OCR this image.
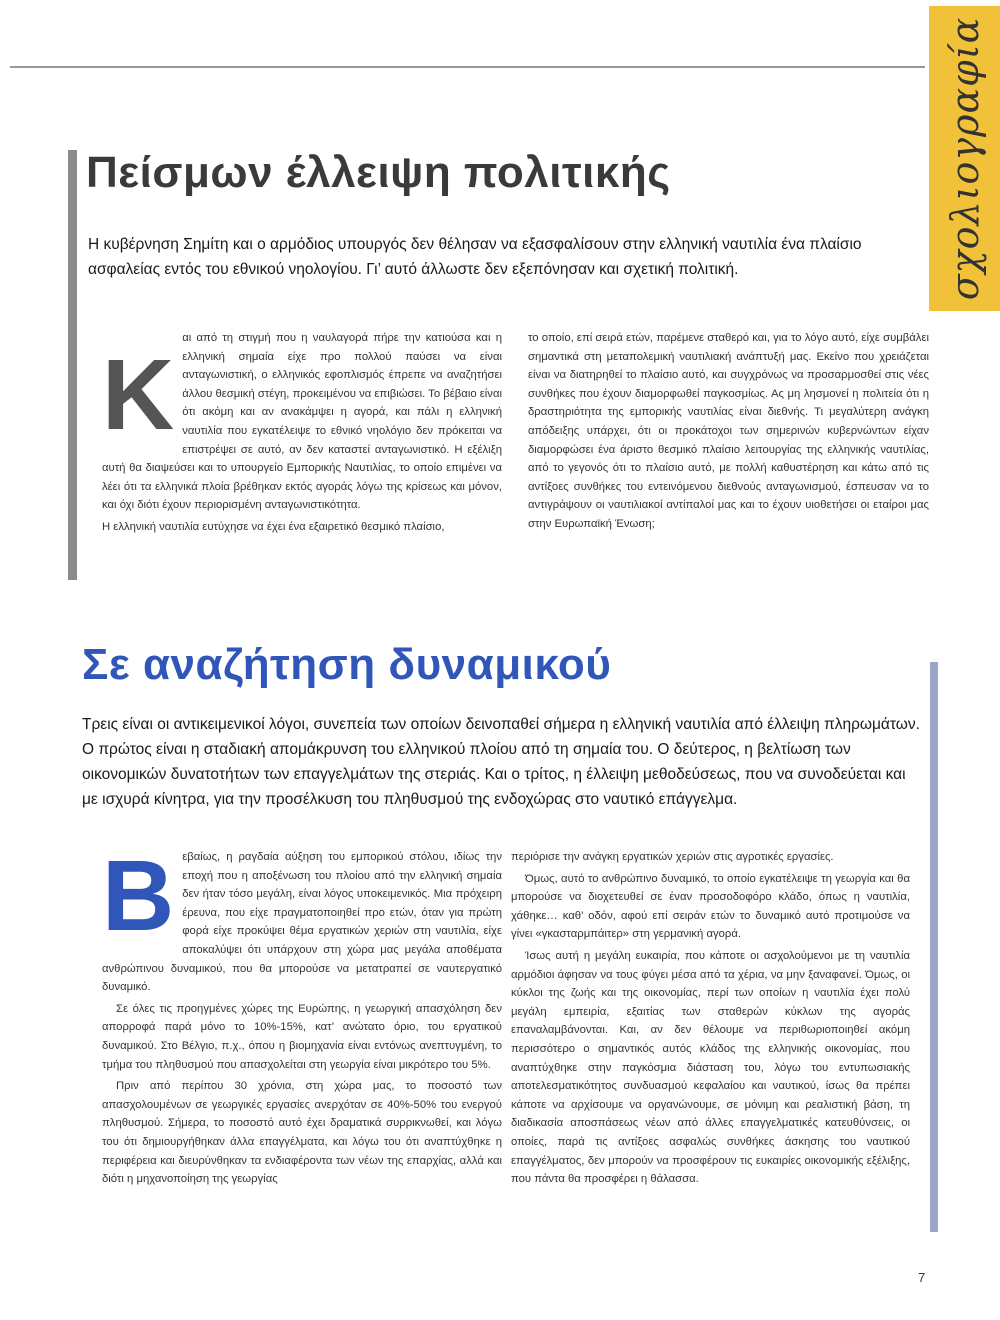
σχολιογραφία
Πείσμων έλλειψη πολιτικής
Η κυβέρνηση Σημίτη και ο αρμόδιος υπουργός δεν θέλησαν να εξασφαλίσουν στην ελληνική ναυτιλία ένα πλαίσιο ασφαλείας εντός του εθνικού νηολογίου. Γι’ αυτό άλλωστε δεν εξεπόνησαν και σχετική πολιτική.
Κ

αι από τη στιγμή που η ναυλαγορά πήρε την κατιούσα και η ελληνική σημαία είχε προ πολλού παύσει να είναι ανταγωνιστική, ο ελληνικός εφοπλισμός έπρεπε να αναζητήσει άλλου θεσμική στέγη, προκειμένου να επιβιώσει. Το βέβαιο είναι ότι ακόμη και αν ανακάμψει η αγορά, και πάλι η ελληνική ναυτιλία που εγκατέλειψε το εθνικό νηολόγιο δεν πρόκειται να επιστρέψει σε αυτό, αν δεν καταστεί ανταγωνιστικό. Η εξέλιξη αυτή θα διαψεύσει και το υπουργείο Εμπορικής Ναυτιλίας, το οποίο επιμένει να λέει ότι τα ελληνικά πλοία βρέθηκαν εκτός αγοράς λόγω της κρίσεως και μόνον, και όχι διότι έχουν περιορισμένη ανταγωνιστικότητα.

Η ελληνική ναυτιλία ευτύχησε να έχει ένα εξαιρετικό θεσμικό πλαίσιο,

το οποίο, επί σειρά ετών, παρέμενε σταθερό και, για το λόγο αυτό, είχε συμβάλει σημαντικά στη μεταπολεμική ναυτιλιακή ανάπτυξή μας. Εκείνο που χρειάζεται είναι να διατηρηθεί το πλαίσιο αυτό, και συγχρόνως να προσαρμοσθεί στις νέες συνθήκες που έχουν διαμορφωθεί παγκοσμίως. Ας μη λησμονεί η πολιτεία ότι η δραστηριότητα της εμπορικής ναυτιλίας είναι διεθνής. Τι μεγαλύτερη ανάγκη απόδειξης υπάρχει, ότι οι προκάτοχοι των σημερινών κυβερνώντων είχαν διαμορφώσει ένα άριστο θεσμικό πλαίσιο λειτουργίας της ελληνικής ναυτιλίας, από το γεγονός ότι το πλαίσιο αυτό, με πολλή καθυστέρηση και κάτω από τις αντίξοες συνθήκες του εντεινόμενου διεθνούς ανταγωνισμού, έσπευσαν να το αντιγράψουν οι ναυτιλιακοί αντίπαλοί μας και το έχουν υιοθετήσει οι εταίροι μας στην Ευρωπαϊκή Ένωση;

Σε αναζήτηση δυναμικού
Τρεις είναι οι αντικειμενικοί λόγοι, συνεπεία των οποίων δεινοπαθεί σήμερα η ελληνική ναυτιλία από έλλειψη πληρωμάτων. Ο πρώτος είναι η σταδιακή απομάκρυνση του ελληνικού πλοίου από τη σημαία του. Ο δεύτερος, η βελτίωση των οικονομικών δυνατοτήτων των επαγγελμάτων της στεριάς. Και ο τρίτος, η έλλειψη μεθοδεύσεως, που να συνοδεύεται και με ισχυρά κίνητρα, για την προσέλκυση του πληθυσμού της ενδοχώρας στο ναυτικό επάγγελμα.
Β εβαίως, η ραγδαία αύξηση του εμπορικού στόλου, ιδίως την εποχή που η αποξένωση του πλοίου από την ελληνική σημαία δεν ήταν τόσο μεγάλη, είναι λόγος υποκειμενικός. Μια πρόχειρη έρευνα, που είχε πραγματοποιηθεί προ ετών, όταν για πρώτη φορά είχε προκύψει θέμα εργατικών χεριών στη ναυτιλία, είχε αποκαλύψει ότι υπάρχουν στη χώρα μας μεγάλα αποθέματα ανθρώπινου δυναμικού, που θα μπορούσε να μετατραπεί σε ναυτεργατικό δυναμικό.

Σε όλες τις προηγμένες χώρες της Ευρώπης, η γεωργική απασχόληση δεν απορροφά παρά μόνο το 10%-15%, κατ’ ανώτατο όριο, του εργατικού δυναμικού. Στο Βέλγιο, π.χ., όπου η βιομηχανία είναι εντόνως ανεπτυγμένη, το τμήμα του πληθυσμού που απασχολείται στη γεωργία είναι μικρότερο του 5%.

Πριν από περίπου 30 χρόνια, στη χώρα μας, το ποσοστό των απασχολουμένων σε γεωργικές εργασίες ανερχόταν σε 40%-50% του ενεργού πληθυσμού. Σήμερα, το ποσοστό αυτό έχει δραματικά συρρικνωθεί, και λόγω του ότι δημιουργήθηκαν άλλα επαγγέλματα, και λόγω του ότι αναπτύχθηκε η περιφέρεια και διευρύνθηκαν τα ενδιαφέροντα των νέων της επαρχίας, αλλά και διότι η μηχανοποίηση της γεωργίας

περιόρισε την ανάγκη εργατικών χεριών στις αγροτικές εργασίες.

Όμως, αυτό το ανθρώπινο δυναμικό, το οποίο εγκατέλειψε τη γεωργία και θα μπορούσε να διοχετευθεί σε έναν προσοδοφόρο κλάδο, όπως η ναυτιλία, χάθηκε… καθ’ οδόν, αφού επί σειράν ετών το δυναμικό αυτό προτιμούσε να γίνει «γκασταρμπάιτερ» στη γερμανική αγορά.

Ίσως αυτή η μεγάλη ευκαιρία, που κάποτε οι ασχολούμενοι με τη ναυτιλία αρμόδιοι άφησαν να τους φύγει μέσα από τα χέρια, να μην ξαναφανεί. Όμως, οι κύκλοι της ζωής και της οικονομίας, περί των οποίων η ναυτιλία έχει πολύ μεγάλη εμπειρία, εξαιτίας των σταθερών κύκλων της αγοράς επαναλαμβάνονται. Και, αν δεν θέλουμε να περιθωριοποιηθεί ακόμη περισσότερο ο σημαντικός αυτός κλάδος της ελληνικής οικονομίας, που αναπτύχθηκε στην παγκόσμια διάσταση του, λόγω του εντυπωσιακής αποτελεσματικότητος συνδυασμού κεφαλαίου και ναυτικού, ίσως θα πρέπει κάποτε να αρχίσουμε να οργανώνουμε, σε μόνιμη και ρεαλιστική βάση, τη διαδικασία αποσπάσεως νέων από άλλες επαγγελματικές κατευθύνσεις, οι οποίες, παρά τις αντίξοες ασφαλώς συνθήκες άσκησης του ναυτικού επαγγέλματος, δεν μπορούν να προσφέρουν τις ευκαιρίες οικονομικής εξέλιξης, που πάντα θα προσφέρει η θάλασσα.

7
